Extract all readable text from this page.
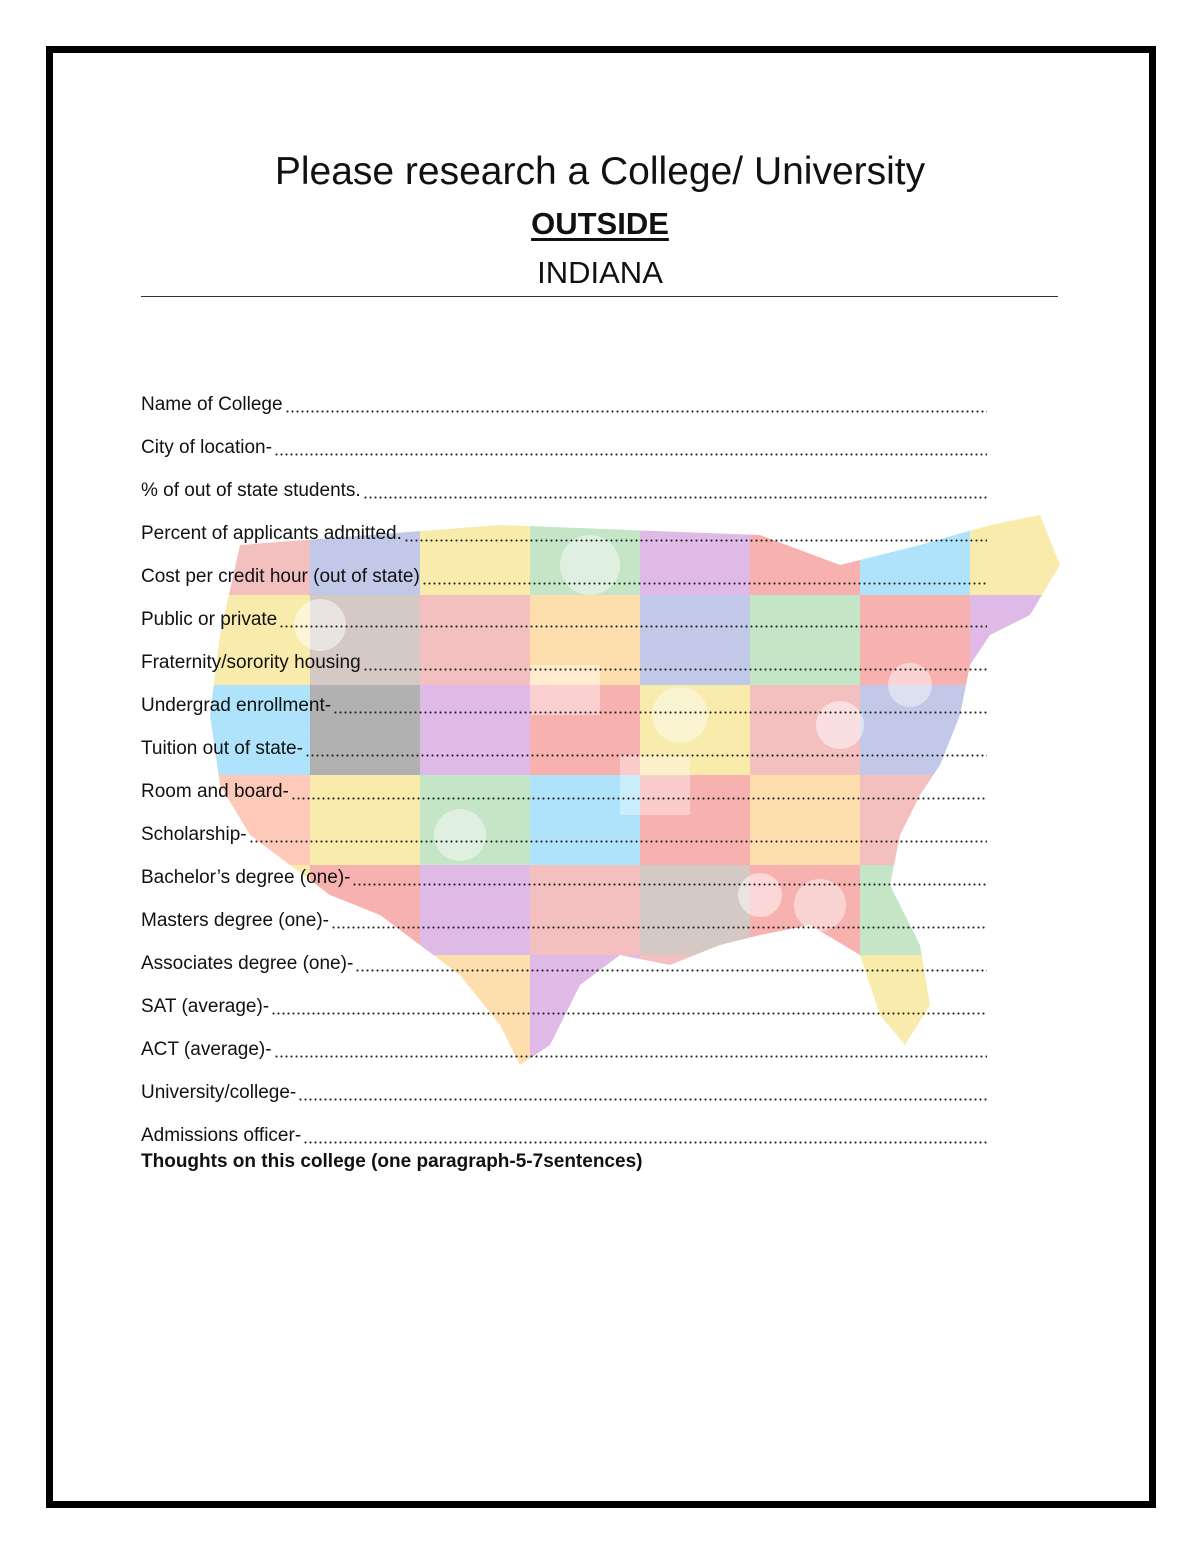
Please research a College/ University
OUTSIDE
INDIANA
Name of College
City of location-
% of out of state students.
Percent of applicants admitted.
Cost per credit hour (out of state)
Public or private
Fraternity/sorority housing
Undergrad enrollment-
Tuition out of state-
Room and board-
Scholarship-
Bachelor’s degree (one)-
Masters degree (one)-
Associates degree (one)-
SAT (average)-
ACT (average)-
University/college-
Admissions officer-
Thoughts on this college (one paragraph-5-7sentences)
